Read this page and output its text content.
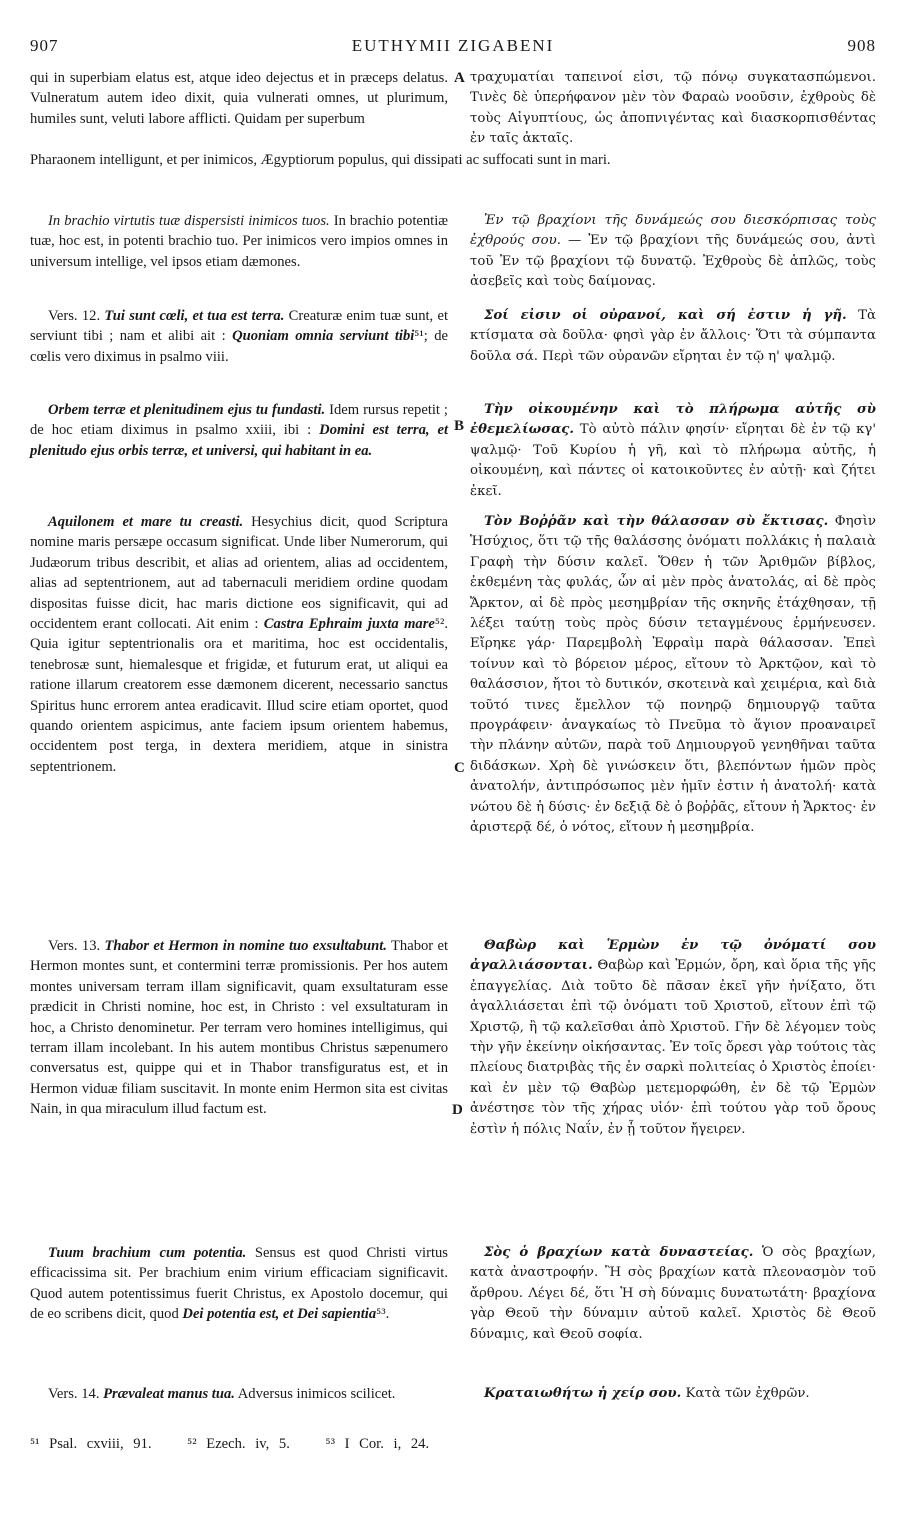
907	EUTHYMII ZIGABENI	908
A
B
C
D

qui in superbiam elatus est, atque ideo dejectus et in præceps delatus. Vulneratum autem ideo dixit, quia vulnerati omnes, ut plurimum, humiles sunt, veluti labore afflicti. Quidam per superbum

Pharaonem intelligunt, et per inimicos, Ægyptiorum populus, qui dissipati ac suffocati sunt in mari.

In brachio virtutis tuæ dispersisti inimicos tuos. In brachio potentiæ tuæ, hoc est, in potenti brachio tuo. Per inimicos vero impios omnes in universum intellige, vel ipsos etiam dæmones.

Vers. 12. Tui sunt cœli, et tua est terra. Creaturæ enim tuæ sunt, et serviunt tibi ; nam et alibi ait : Quoniam omnia serviunt tibi⁵¹; de cœlis vero diximus in psalmo viii.

Orbem terræ et plenitudinem ejus tu fundasti. Idem rursus repetit ; de hoc etiam diximus in psalmo xxiii, ibi : Domini est terra, et plenitudo ejus orbis terræ, et universi, qui habitant in ea.

Aquilonem et mare tu creasti. Hesychius dicit, quod Scriptura nomine maris persæpe occasum significat. Unde liber Numerorum, qui Judæorum tribus describit, et alias ad orientem, alias ad occidentem, alias ad septentrionem, aut ad tabernaculi meridiem ordine quodam dispositas fuisse dicit, hac maris dictione eos significavit, qui ad occidentem erant collocati. Ait enim : Castra Ephraim juxta mare⁵². Quia igitur septentrionalis ora et maritima, hoc est occidentalis, tenebrosæ sunt, hiemalesque et frigidæ, et futurum erat, ut aliqui ea ratione illarum creatorem esse dæmonem dicerent, necessario sanctus Spiritus hunc errorem antea eradicavit. Illud scire etiam oportet, quod quando orientem aspicimus, ante faciem ipsum orientem habemus, occidentem post terga, in dextera meridiem, atque in sinistra septentrionem.

Vers. 13. Thabor et Hermon in nomine tuo exsultabunt. Thabor et Hermon montes sunt, et conterminі terræ promissionis. Per hos autem montes universam terram illam significavit, quam exsultaturam esse prædicit in Christi nomine, hoc est, in Christo : vel exsultaturam in hoc, a Christo denominetur. Per terram vero homines intelligimus, qui terram illam incolebant. In his autem montibus Christus sæpenumero conversatus est, quippe qui et in Thabor transfiguratus est, et in Hermon viduæ filiam suscitavit. In monte enim Hermon sita est civitas Nain, in qua miraculum illud factum est.

Tuum brachium cum potentia. Sensus est quod Christi virtus efficacissima sit. Per brachium enim virium efficaciam significavit. Quod autem potentissimus fuerit Christus, ex Apostolo docemur, qui de eo scribens dicit, quod Dei potentia est, et Dei sapientia⁵³.

Vers. 14. Prævaleat manus tua. Adversus inimicos scilicet.

τραχυματίαι ταπεινοί εἰσι, τῷ πόνῳ συγκατασπώμενοι. Τινὲς δὲ ὑπερήφανον μὲν τὸν Φαραὼ νοοῦσιν, ἐχθροὺς δὲ τοὺς Αἰγυπτίους, ὡς ἀποπνιγέντας καὶ διασκορπισθέντας ἐν ταῖς ἀκταῖς.

Ἐν τῷ βραχίονι τῆς δυνάμεώς σου διεσκόρπισας τοὺς ἐχθρούς σου. — Ἐν τῷ βραχίονι τῆς δυνάμεώς σου, ἀντὶ τοῦ Ἐν τῷ βραχίονι τῷ δυνατῷ. Ἐχθροὺς δὲ ἁπλῶς, τοὺς ἀσεβεῖς καὶ τοὺς δαίμονας.

Σοί εἰσιν οἱ οὐρανοί, καὶ σή ἐστιν ἡ γῆ. Τὰ κτίσματα σὰ δοῦλα· φησὶ γὰρ ἐν ἄλλοις· Ὅτι τὰ σύμπαντα δοῦλα σά. Περὶ τῶν οὐρανῶν εἴρηται ἐν τῷ η' ψαλμῷ.

Τὴν οἰκουμένην καὶ τὸ πλήρωμα αὐτῆς σὺ ἐθεμελίωσας. Τὸ αὐτὸ πάλιν φησίν· εἴρηται δὲ ἐν τῷ κγ' ψαλμῷ· Τοῦ Κυρίου ἡ γῆ, καὶ τὸ πλήρωμα αὐτῆς, ἡ οἰκουμένη, καὶ πάντες οἱ κατοικοῦντες ἐν αὐτῇ· καὶ ζήτει ἐκεῖ.

Τὸν Βοῤῥᾶν καὶ τὴν θάλασσαν σὺ ἔκτισας. Φησὶν Ἡσύχιος, ὅτι τῷ τῆς θαλάσσης ὀνόματι πολλάκις ἡ παλαιὰ Γραφὴ τὴν δύσιν καλεῖ. Ὅθεν ἡ τῶν Ἀριθμῶν βίβλος, ἐκθεμένη τὰς φυλάς, ὧν αἱ μὲν πρὸς ἀνατολάς, αἱ δὲ πρὸς Ἄρκτον, αἱ δὲ πρὸς μεσημβρίαν τῆς σκηνῆς ἐτάχθησαν, τῇ λέξει ταύτῃ τοὺς πρὸς δύσιν τεταγμένους ἑρμήνευσεν. Εἴρηκε γάρ· Παρεμβολὴ Ἐφραὶμ παρὰ θάλασσαν. Ἐπεὶ τοίνυν καὶ τὸ βόρειον μέρος, εἴτουν τὸ Ἀρκτῷον, καὶ τὸ θαλάσσιον, ἤτοι τὸ δυτικόν, σκοτεινὰ καὶ χειμέρια, καὶ διὰ τοῦτό τινες ἔμελλον τῷ πονηρῷ δημιουργῷ ταῦτα προγράφειν· ἀναγκαίως τὸ Πνεῦμα τὸ ἅγιον προαναιρεῖ τὴν πλάνην αὐτῶν, παρὰ τοῦ Δημιουργοῦ γενηθῆναι ταῦτα διδάσκων. Χρὴ δὲ γινώσκειν ὅτι, βλεπόντων ἡμῶν πρὸς ἀνατολήν, ἀντιπρόσωπος μὲν ἡμῖν ἐστιν ἡ ἀνατολή· κατὰ νώτου δὲ ἡ δύσις· ἐν δεξιᾷ δὲ ὁ βοῤῥᾶς, εἴτουν ἡ Ἄρκτος· ἐν ἀριστερᾷ δέ, ὁ νότος, εἴτουν ἡ μεσημβρία.

Θαβὼρ καὶ Ἑρμὼν ἐν τῷ ὀνόματί σου ἀγαλλιάσονται. Θαβὼρ καὶ Ἑρμών, ὄρη, καὶ ὅρια τῆς γῆς ἐπαγγελίας. Διὰ τοῦτο δὲ πᾶσαν ἐκεῖ γῆν ἠνίξατο, ὅτι ἀγαλλιάσεται ἐπὶ τῷ ὀνόματι τοῦ Χριστοῦ, εἴτουν ἐπὶ τῷ Χριστῷ, ἢ τῷ καλεῖσθαι ἀπὸ Χριστοῦ. Γῆν δὲ λέγομεν τοὺς τὴν γῆν ἐκείνην οἰκήσαντας. Ἐν τοῖς ὄρεσι γὰρ τούτοις τὰς πλείους διατριβὰς τῆς ἐν σαρκὶ πολιτείας ὁ Χριστὸς ἐποίει· καὶ ἐν μὲν τῷ Θαβὼρ μετεμορφώθη, ἐν δὲ τῷ Ἑρμὼν ἀνέστησε τὸν τῆς χήρας υἱόν· ἐπὶ τούτου γὰρ τοῦ ὄρους ἐστὶν ἡ πόλις Ναΐν, ἐν ᾗ τοῦτον ἤγειρεν.

Σὸς ὁ βραχίων κατὰ δυναστείας. Ὁ σὸς βραχίων, κατὰ ἀναστροφήν. Ἢ σὸς βραχίων κατὰ πλεονασμὸν τοῦ ἄρθρου. Λέγει δέ, ὅτι Ἡ σὴ δύναμις δυνατωτάτη· βραχίονα γὰρ Θεοῦ τὴν δύναμιν αὐτοῦ καλεῖ. Χριστὸς δὲ Θεοῦ δύναμις, καὶ Θεοῦ σοφία.

Κραταιωθήτω ἡ χείρ σου. Κατὰ τῶν ἐχθρῶν.

⁵¹ Psal. cxviii, 91. ⁵² Ezech. iv, 5. ⁵³ I Cor. i, 24.
